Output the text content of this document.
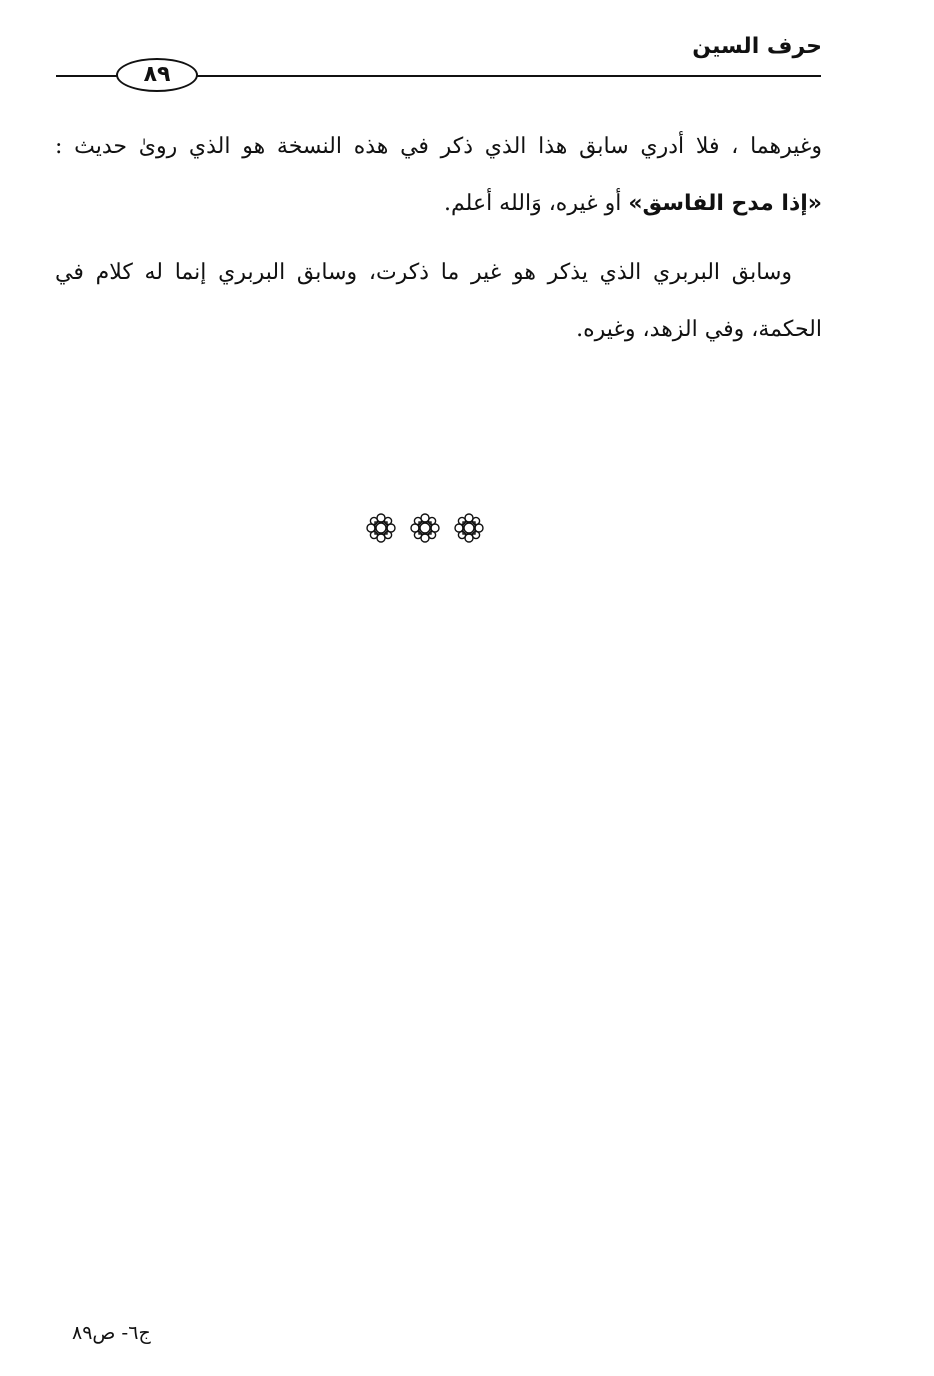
حرف السين
٨٩
وغيرهما ، فلا أدري سابق هذا الذي ذكر في هذه النسخة هو الذي روىٰ حديث :
«إذا مدح الفاسق» أو غيره، وَالله أعلم.
وسابق البربري الذي يذكر هو غير ما ذكرت، وسابق البربري إنما له كلام في
الحكمة، وفي الزهد، وغيره.
ج٦- ص٨٩
